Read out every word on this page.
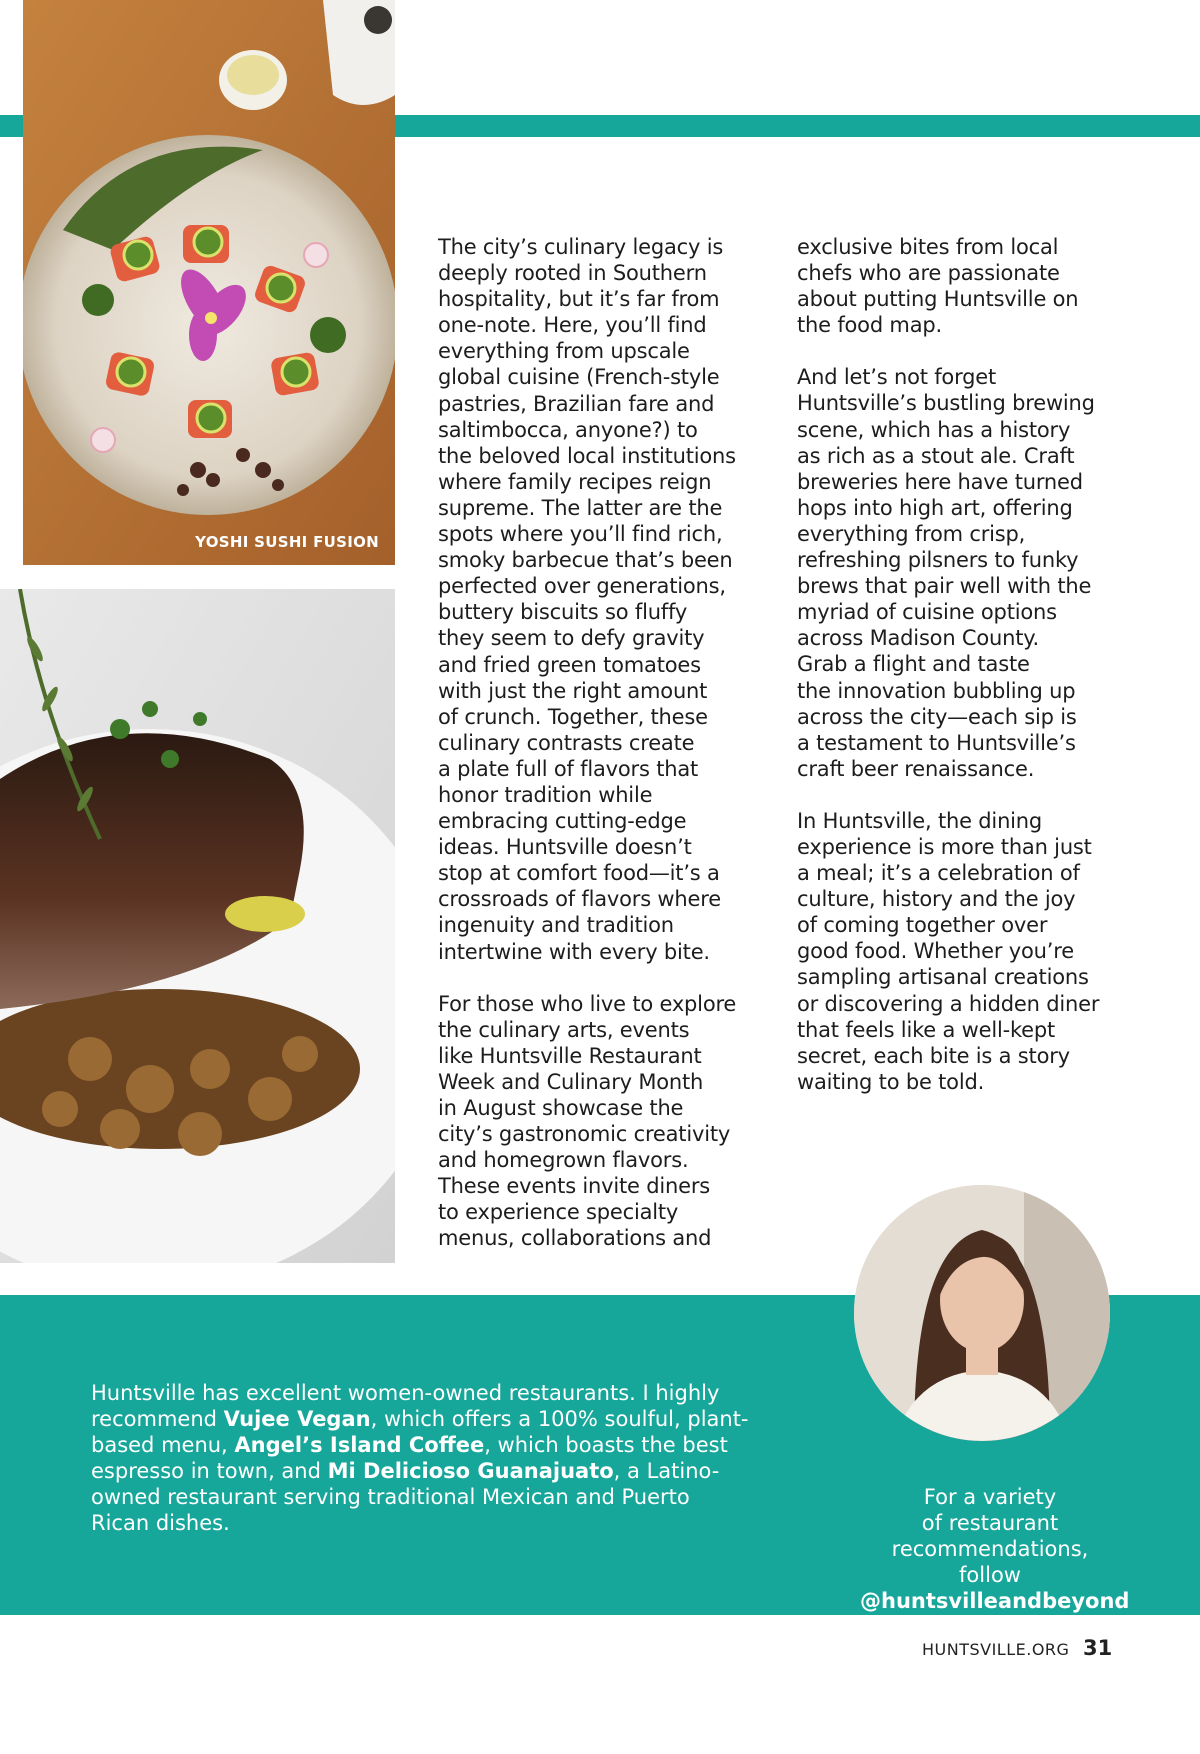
YOSHI SUSHI FUSION

The city’s culinary legacy is
deeply rooted in Southern
hospitality, but it’s far from
one-note. Here, you’ll find
everything from upscale
global cuisine (French-style
pastries, Brazilian fare and
saltimbocca, anyone?) to
the beloved local institutions
where family recipes reign
supreme. The latter are the
spots where you’ll find rich,
smoky barbecue that’s been
perfected over generations,
buttery biscuits so fluffy
they seem to defy gravity
and fried green tomatoes
with just the right amount
of crunch. Together, these
culinary contrasts create
a plate full of flavors that
honor tradition while
embracing cutting-edge
ideas. Huntsville doesn’t
stop at comfort food—it’s a
crossroads of flavors where
ingenuity and tradition
intertwine with every bite.

For those who live to explore
the culinary arts, events
like Huntsville Restaurant
Week and Culinary Month
in August showcase the
city’s gastronomic creativity
and homegrown flavors.
These events invite diners
to experience specialty
menus, collaborations and

exclusive bites from local
chefs who are passionate
about putting Huntsville on
the food map.

And let’s not forget
Huntsville’s bustling brewing
scene, which has a history
as rich as a stout ale. Craft
breweries here have turned
hops into high art, offering
everything from crisp,
refreshing pilsners to funky
brews that pair well with the
myriad of cuisine options
across Madison County.
Grab a flight and taste
the innovation bubbling up
across the city—each sip is
a testament to Huntsville’s
craft beer renaissance.

In Huntsville, the dining
experience is more than just
a meal; it’s a celebration of
culture, history and the joy
of coming together over
good food. Whether you’re
sampling artisanal creations
or discovering a hidden diner
that feels like a well-kept
secret, each bite is a story
waiting to be told.

Huntsville has excellent women-owned restaurants. I highly
recommend Vujee Vegan, which offers a 100% soulful, plant-
based menu, Angel’s Island Coffee, which boasts the best
espresso in town, and Mi Delicioso Guanajuato, a Latino-
owned restaurant serving traditional Mexican and Puerto
Rican dishes.

For a variety
of restaurant
recommendations,
follow

@huntsvilleandbeyond

HUNTSVILLE.ORG 31
